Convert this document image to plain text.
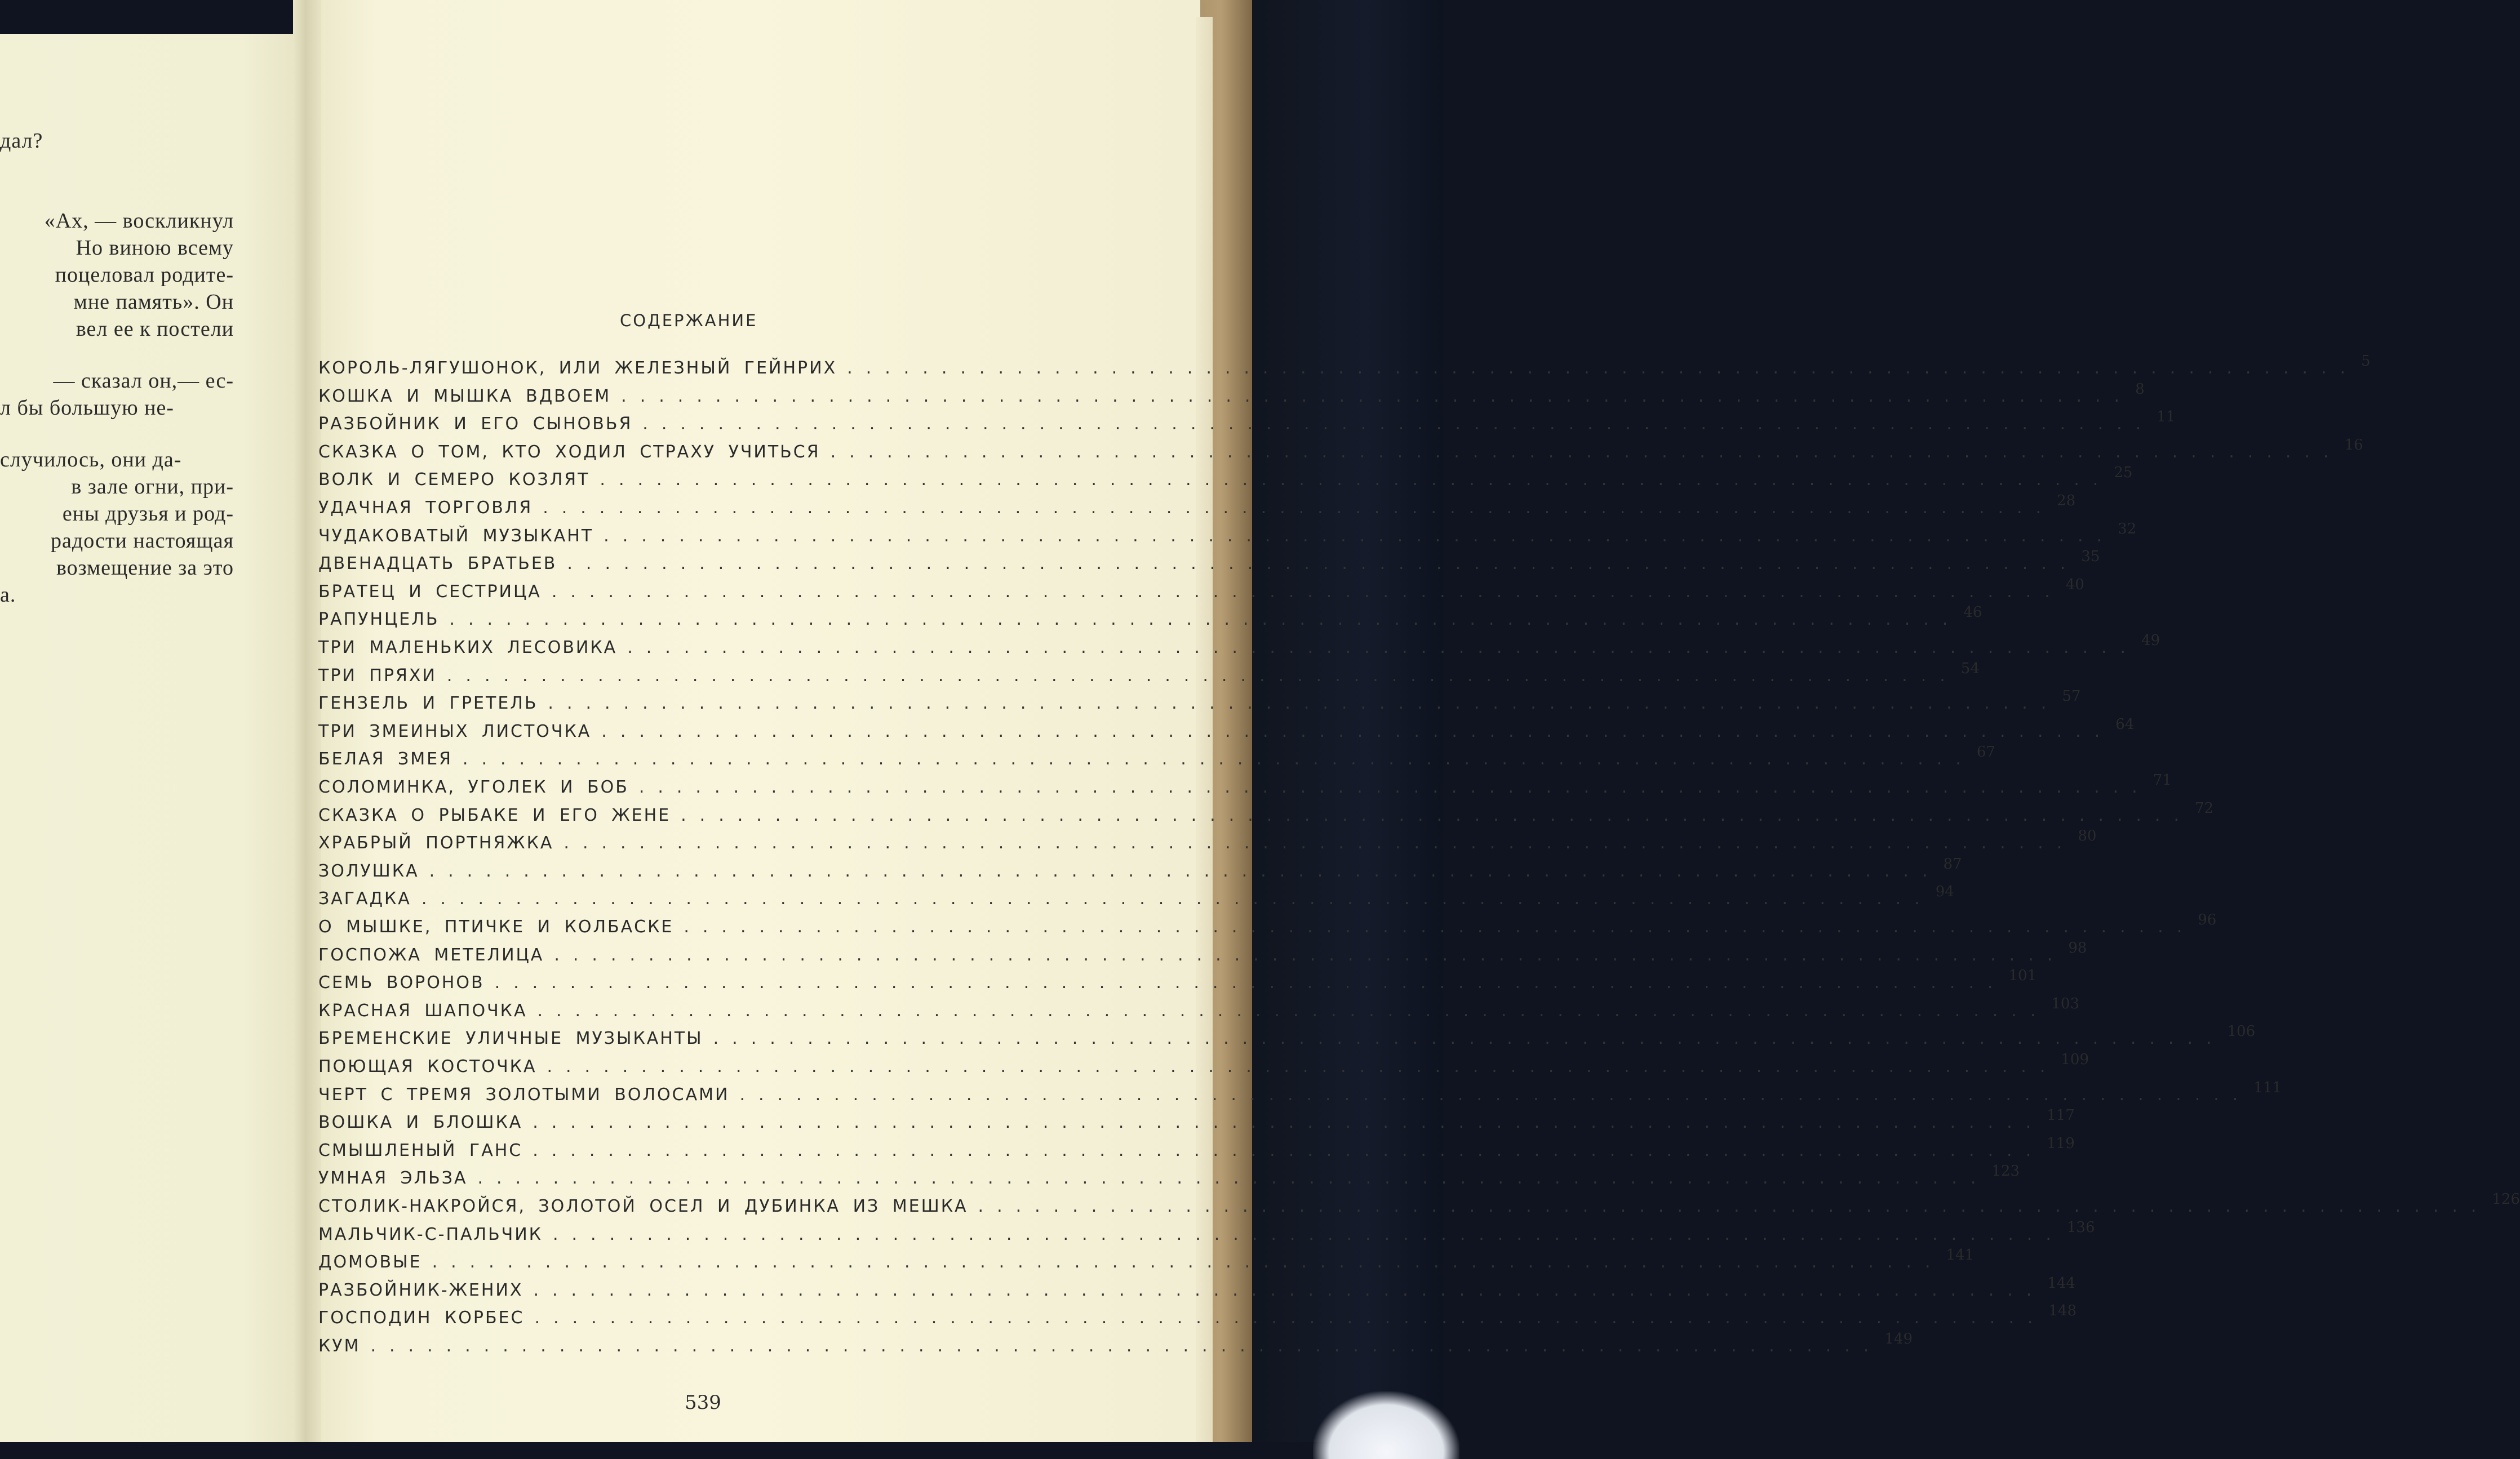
дал?
«Ах, — воскликнул
Но виною всему
поцеловал родите-
мне память». Он
вел ее к постели
— сказал он,— ес-
л бы большую не-
случилось, они да-
в зале огни, при-
ены друзья и род-
радости настоящая
возмещение за это
а.
СОДЕРЖАНИЕ
КОРОЛЬ-ЛЯГУШОНОК, ИЛИ ЖЕЛЕЗНЫЙ ГЕЙНРИХ ................................................................................ 5
КОШКА И МЫШКА ВДВОЕМ ................................................................................ 8
РАЗБОЙНИК И ЕГО СЫНОВЬЯ ................................................................................ 11
СКАЗКА О ТОМ, КТО ХОДИЛ СТРАХУ УЧИТЬСЯ ................................................................................ 16
ВОЛК И СЕМЕРО КОЗЛЯТ ................................................................................ 25
УДАЧНАЯ ТОРГОВЛЯ ................................................................................ 28
ЧУДАКОВАТЫЙ МУЗЫКАНТ ................................................................................ 32
ДВЕНАДЦАТЬ БРАТЬЕВ ................................................................................ 35
БРАТЕЦ И СЕСТРИЦА ................................................................................ 40
РАПУНЦЕЛЬ ................................................................................ 46
ТРИ МАЛЕНЬКИХ ЛЕСОВИКА ................................................................................ 49
ТРИ ПРЯХИ ................................................................................ 54
ГЕНЗЕЛЬ И ГРЕТЕЛЬ ................................................................................ 57
ТРИ ЗМЕИНЫХ ЛИСТОЧКА ................................................................................ 64
БЕЛАЯ ЗМЕЯ ................................................................................ 67
СОЛОМИНКА, УГОЛЕК И БОБ ................................................................................ 71
СКАЗКА О РЫБАКЕ И ЕГО ЖЕНЕ ................................................................................ 72
ХРАБРЫЙ ПОРТНЯЖКА ................................................................................ 80
ЗОЛУШКА ................................................................................ 87
ЗАГАДКА ................................................................................ 94
О МЫШКЕ, ПТИЧКЕ И КОЛБАСКЕ ................................................................................ 96
ГОСПОЖА МЕТЕЛИЦА ................................................................................ 98
СЕМЬ ВОРОНОВ ................................................................................ 101
КРАСНАЯ ШАПОЧКА ................................................................................ 103
БРЕМЕНСКИЕ УЛИЧНЫЕ МУЗЫКАНТЫ ................................................................................ 106
ПОЮЩАЯ КОСТОЧКА ................................................................................ 109
ЧЕРТ С ТРЕМЯ ЗОЛОТЫМИ ВОЛОСАМИ ................................................................................ 111
ВОШКА И БЛОШКА ................................................................................ 117
СМЫШЛЕНЫЙ ГАНС ................................................................................ 119
УМНАЯ ЭЛЬЗА ................................................................................ 123
СТОЛИК-НАКРОЙСЯ, ЗОЛОТОЙ ОСЕЛ И ДУБИНКА ИЗ МЕШКА ................................................................................ 126
МАЛЬЧИК-С-ПАЛЬЧИК ................................................................................ 136
ДОМОВЫЕ ................................................................................ 141
РАЗБОЙНИК-ЖЕНИХ ................................................................................ 144
ГОСПОДИН КОРБЕС ................................................................................ 148
КУМ ................................................................................ 149
539
